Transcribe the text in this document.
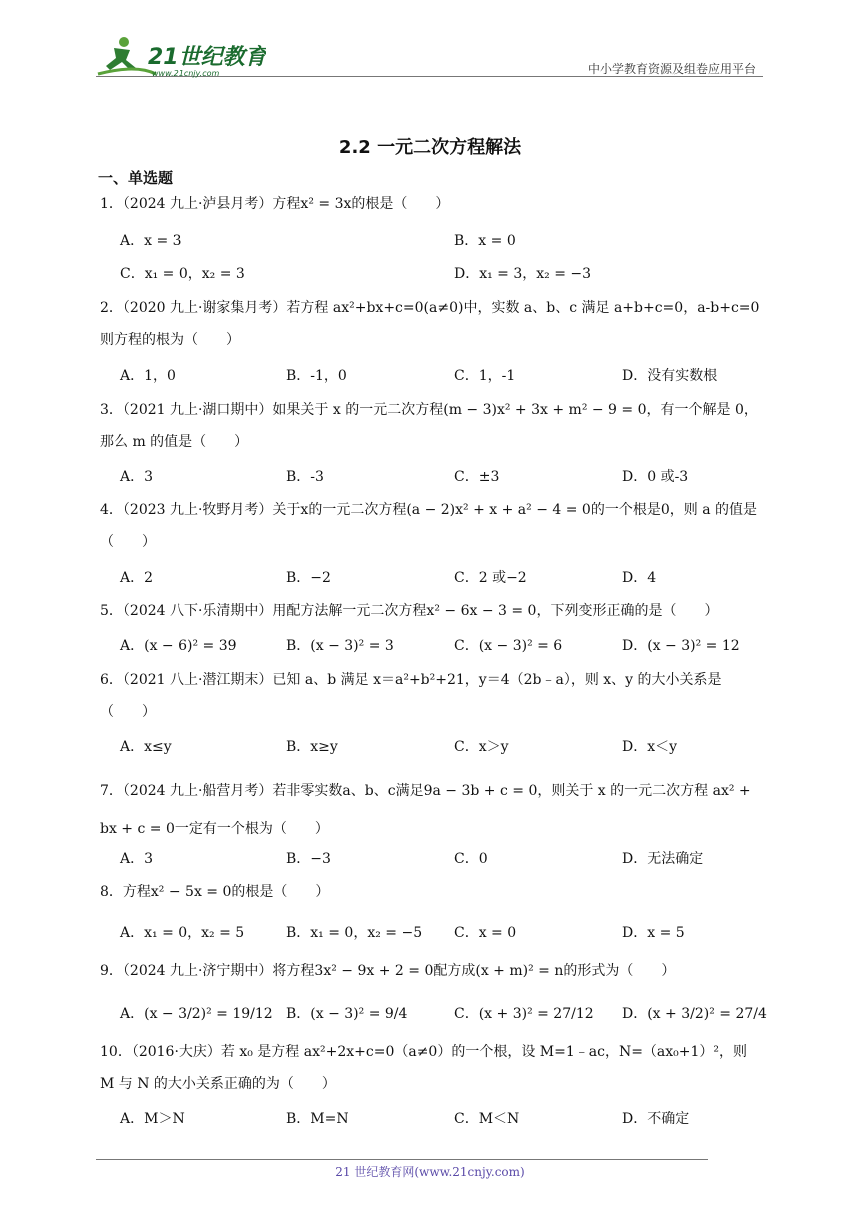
21世纪教育
www.21cnjy.com	中小学教育资源及组卷应用平台
2.2 一元二次方程解法
一、单选题
1．（2024 九上·泸县月考）方程x² = 3x的根是（　　）
A．x = 3	B．x = 0
C．x₁ = 0，x₂ = 3	D．x₁ = 3，x₂ = −3
2．（2020 九上·谢家集月考）若方程 ax²+bx+c=0(a≠0)中，实数 a、b、c 满足 a+b+c=0，a-b+c=0 则方程的根为（　　）
A．1，0	B．-1，0	C．1，-1	D．没有实数根
3．（2021 九上·湖口期中）如果关于 x 的一元二次方程(m − 3)x² + 3x + m² − 9 = 0，有一个解是 0，那么 m 的值是（　　）
A．3	B．-3	C．±3	D．0 或-3
4．（2023 九上·牧野月考）关于x的一元二次方程(a − 2)x² + x + a² − 4 = 0的一个根是0，则 a 的值是（　　）
A．2	B．−2	C．2 或−2	D．4
5．（2024 八下·乐清期中）用配方法解一元二次方程x² − 6x − 3 = 0，下列变形正确的是（　　）
A．(x − 6)² = 39	B．(x − 3)² = 3	C．(x − 3)² = 6	D．(x − 3)² = 12
6．（2021 八上·潜江期末）已知 a、b 满足 x＝a²+b²+21，y＝4（2b﹣a），则 x、y 的大小关系是（　　）
A．x≤y	B．x≥y	C．x＞y	D．x＜y
7．（2024 九上·船营月考）若非零实数a、b、c满足9a − 3b + c = 0，则关于 x 的一元二次方程 ax² + bx + c = 0一定有一个根为（　　）
A．3	B．−3	C．0	D．无法确定
8．方程x² − 5x = 0的根是（　　）
A．x₁ = 0，x₂ = 5	B．x₁ = 0，x₂ = −5 C．x = 0	D．x = 5
9．（2024 九上·济宁期中）将方程3x² − 9x + 2 = 0配方成(x + m)² = n的形式为（　　）
A．(x − 3/2)² = 19/12 B．(x − 3)² = 9/4	C．(x + 3)² = 27/12 D．(x + 3/2)² = 27/4
10．（2016·大庆）若 x₀ 是方程 ax²+2x+c=0（a≠0）的一个根，设 M=1﹣ac，N=（ax₀+1）²，则 M 与 N 的大小关系正确的为（　　）
A．M＞N	B．M=N	C．M＜N	D．不确定
21 世纪教育网(www.21cnjy.com)
